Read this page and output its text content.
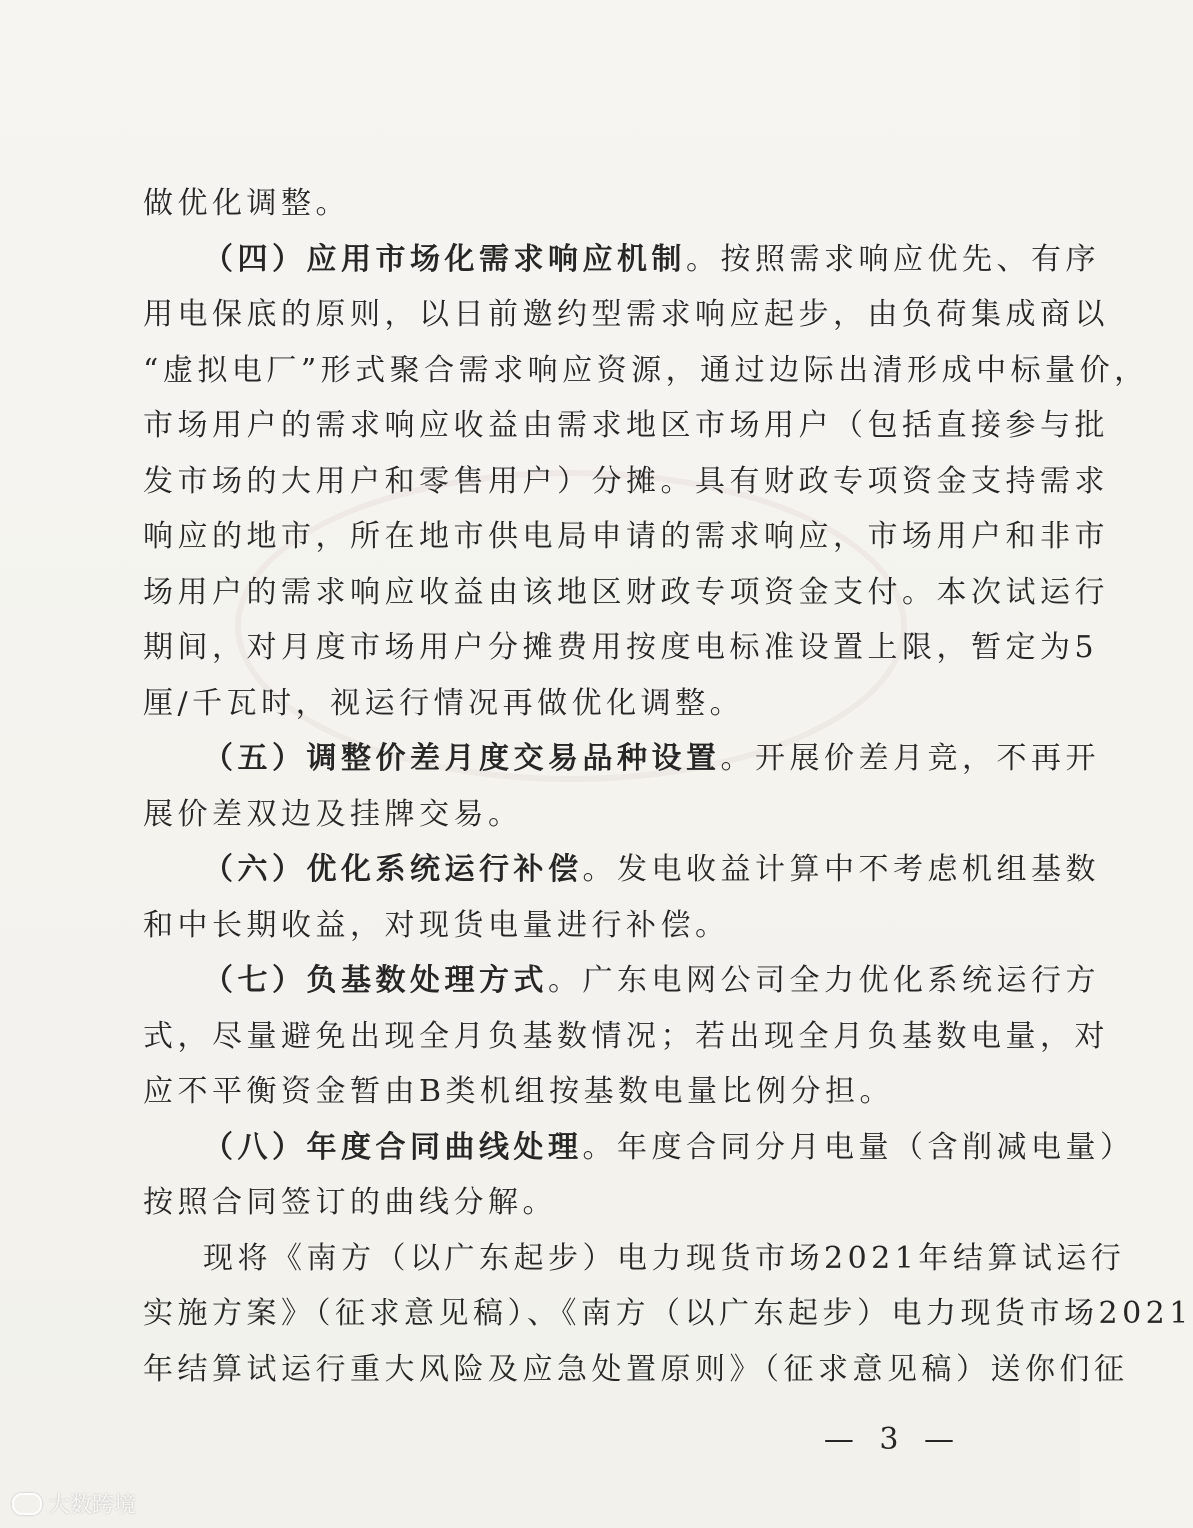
做优化调整。
（四）应用市场化需求响应机制。按照需求响应优先、有序
用电保底的原则，以日前邀约型需求响应起步，由负荷集成商以
“虚拟电厂”形式聚合需求响应资源，通过边际出清形成中标量价，
市场用户的需求响应收益由需求地区市场用户（包括直接参与批
发市场的大用户和零售用户）分摊。具有财政专项资金支持需求
响应的地市，所在地市供电局申请的需求响应，市场用户和非市
场用户的需求响应收益由该地区财政专项资金支付。本次试运行
期间，对月度市场用户分摊费用按度电标准设置上限，暂定为5
厘/千瓦时，视运行情况再做优化调整。
（五）调整价差月度交易品种设置。开展价差月竞，不再开
展价差双边及挂牌交易。
（六）优化系统运行补偿。发电收益计算中不考虑机组基数
和中长期收益，对现货电量进行补偿。
（七）负基数处理方式。广东电网公司全力优化系统运行方
式，尽量避免出现全月负基数情况；若出现全月负基数电量，对
应不平衡资金暂由B类机组按基数电量比例分担。
（八）年度合同曲线处理。年度合同分月电量（含削减电量）
按照合同签订的曲线分解。
现将《南方（以广东起步）电力现货市场2021年结算试运行
实施方案》（征求意见稿）、《南方（以广东起步）电力现货市场2021
年结算试运行重大风险及应急处置原则》（征求意见稿）送你们征
— 3 —
大数跨境
